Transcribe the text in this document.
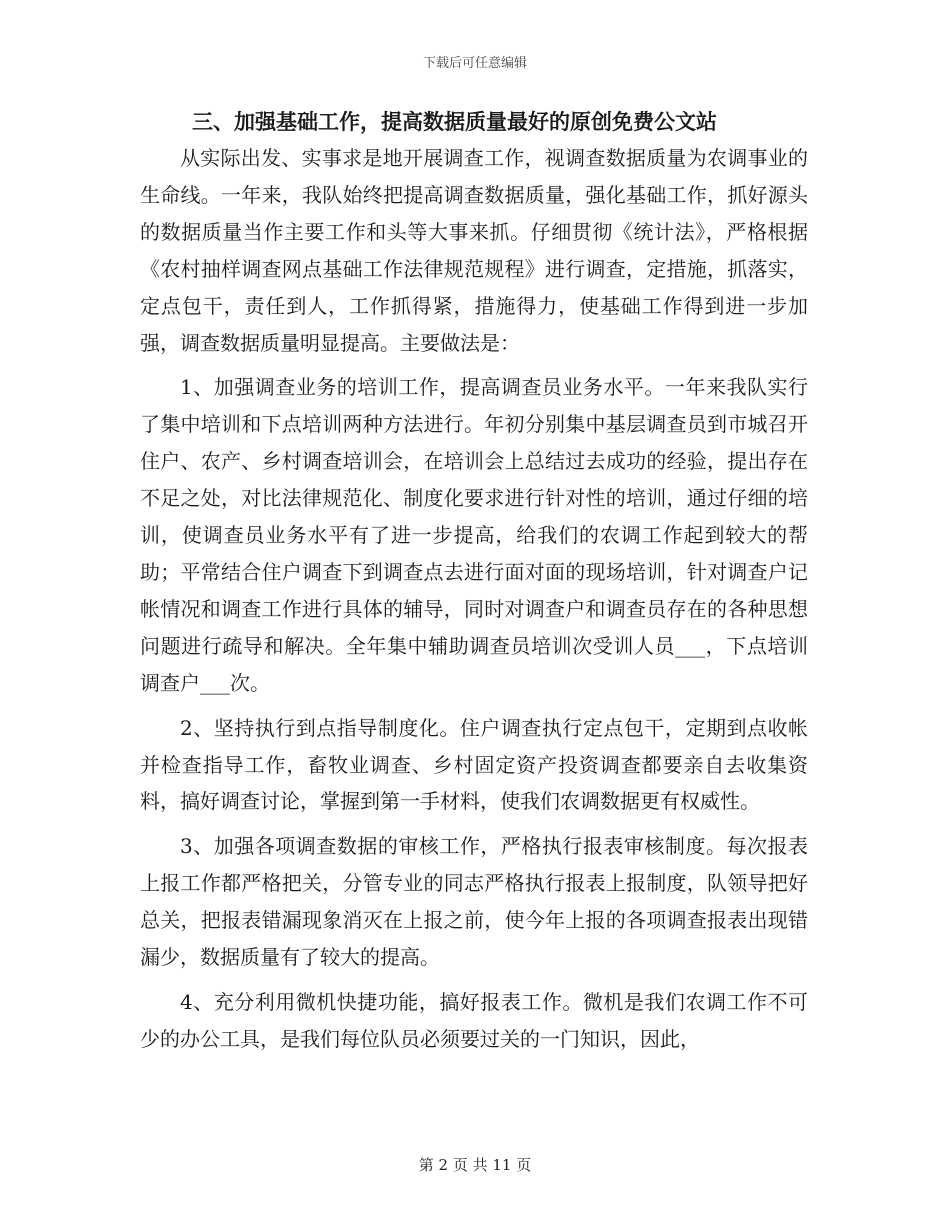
下载后可任意编辑
三、加强基础工作，提高数据质量最好的原创免费公文站

从实际出发、实事求是地开展调查工作，视调查数据质量为农调事业的生命线。一年来，我队始终把提高调查数据质量，强化基础工作，抓好源头的数据质量当作主要工作和头等大事来抓。仔细贯彻《统计法》，严格根据《农村抽样调查网点基础工作法律规范规程》进行调查，定措施，抓落实，定点包干，责任到人，工作抓得紧，措施得力，使基础工作得到进一步加强，调查数据质量明显提高。主要做法是：

1、加强调查业务的培训工作，提高调查员业务水平。一年来我队实行了集中培训和下点培训两种方法进行。年初分别集中基层调查员到市城召开住户、农产、乡村调查培训会，在培训会上总结过去成功的经验，提出存在不足之处，对比法律规范化、制度化要求进行针对性的培训，通过仔细的培训，使调查员业务水平有了进一步提高，给我们的农调工作起到较大的帮助；平常结合住户调查下到调查点去进行面对面的现场培训，针对调查户记帐情况和调查工作进行具体的辅导，同时对调查户和调查员存在的各种思想问题进行疏导和解决。全年集中辅助调查员培训次受训人员___，下点培训调查户___次。

2、坚持执行到点指导制度化。住户调查执行定点包干，定期到点收帐并检查指导工作，畜牧业调查、乡村固定资产投资调查都要亲自去收集资料，搞好调查讨论，掌握到第一手材料，使我们农调数据更有权威性。

3、加强各项调查数据的审核工作，严格执行报表审核制度。每次报表上报工作都严格把关，分管专业的同志严格执行报表上报制度，队领导把好总关，把报表错漏现象消灭在上报之前，使今年上报的各项调查报表出现错漏少，数据质量有了较大的提高。

4、充分利用微机快捷功能，搞好报表工作。微机是我们农调工作不可少的办公工具，是我们每位队员必须要过关的一门知识，因此，

第 2 页 共 11 页
